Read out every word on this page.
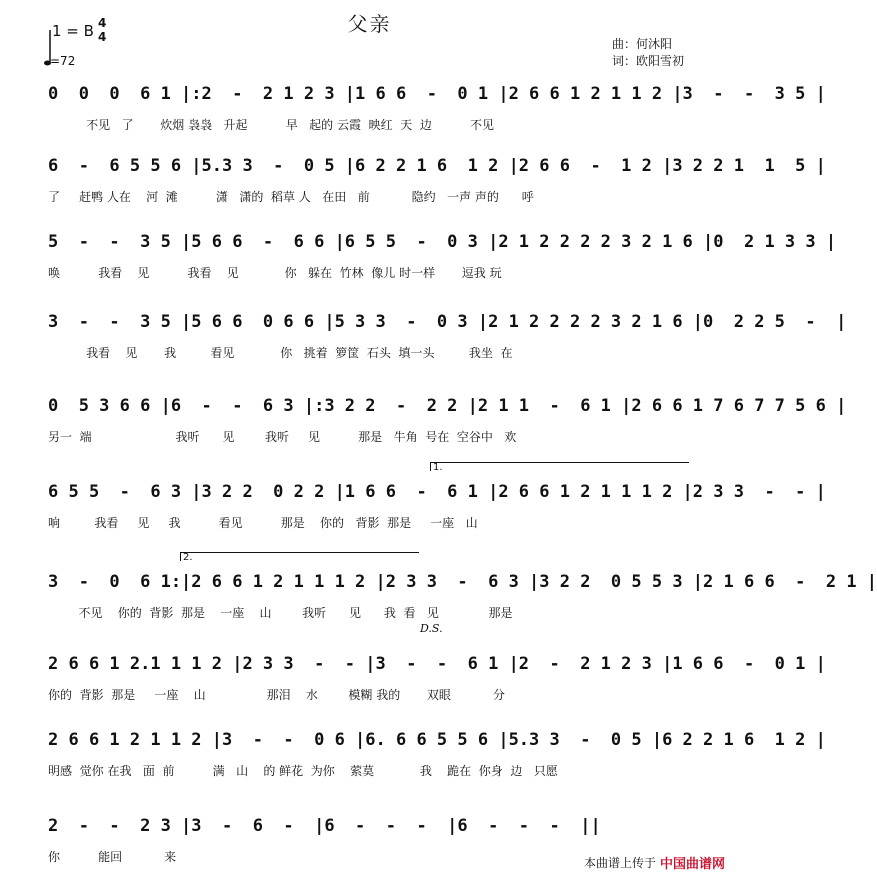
父亲
1 = B 4
4
=72
曲：何沐阳
词：欧阳雪初
0  0  0  6 1 |:2  -  2 1 2 3 |1 6 6  -  0 1 |2 6 6 1 2 1 1 2 |3  -  -  3 5 |
不见   了       炊烟 袅袅   升起          早   起的 云霞  映红  天  边          不见
6  -  6 5 5 6 |5.3 3  -  0 5 |6 2 2 1 6  1 2 |2 6 6  -  1 2 |3 2 2 1  1  5 |
了     赶鸭 人在    河  滩          潇   潇的  稻草 人   在田   前           隐约   一声 声的      呼
5  -  -  3 5 |5 6 6  -  6 6 |6 5 5  -  0 3 |2 1 2 2 2 2 3 2 1 6 |0  2 1 3 3 |
唤          我看    见          我看    见            你   躲在  竹林  像儿 时一样       逗我 玩
3  -  -  3 5 |5 6 6  0 6 6 |5 3 3  -  0 3 |2 1 2 2 2 2 3 2 1 6 |0  2 2 5  -  |
我看    见       我         看见            你   挑着  箩筐  石头  填一头         我坐  在
0  5 3 6 6 |6  -  -  6 3 |:3 2 2  -  2 2 |2 1 1  -  6 1 |2 6 6 1 7 6 7 7 5 6 |
另一  端                      我听      见        我听     见          那是   牛角  号在  空谷中   欢
1.
6 5 5  -  6 3 |3 2 2  0 2 2 |1 6 6  -  6 1 |2 6 6 1 2 1 1 1 2 |2 3 3  -  - |
响         我看     见     我          看见          那是    你的   背影  那是     一座   山
2.
3  -  0  6 1:|2 6 6 1 2 1 1 1 2 |2 3 3  -  6 3 |3 2 2  0 5 5 3 |2 1 6 6  -  2 1 |
不见    你的  背影  那是    一座    山        我听      见      我  看   见             那是
D.S.
2 6 6 1 2.1 1 1 2 |2 3 3  -  - |3  -  -  6 1 |2  -  2 1 2 3 |1 6 6  -  0 1 |
你的  背影  那是     一座    山                那泪    水        模糊 我的       双眼           分
2 6 6 1 2 1 1 2 |3  -  -  0 6 |6. 6 6 5 5 6 |5.3 3  -  0 5 |6 2 2 1 6  1 2 |
明感  觉你 在我   面  前          满   山    的 鲜花  为你    萦莫            我    跪在  你身  边   只愿
2  -  -  2 3 |3  -  6  -  |6  -  -  -  |6  -  -  -  ||
你          能回           来	本曲谱上传于 中国曲谱网
